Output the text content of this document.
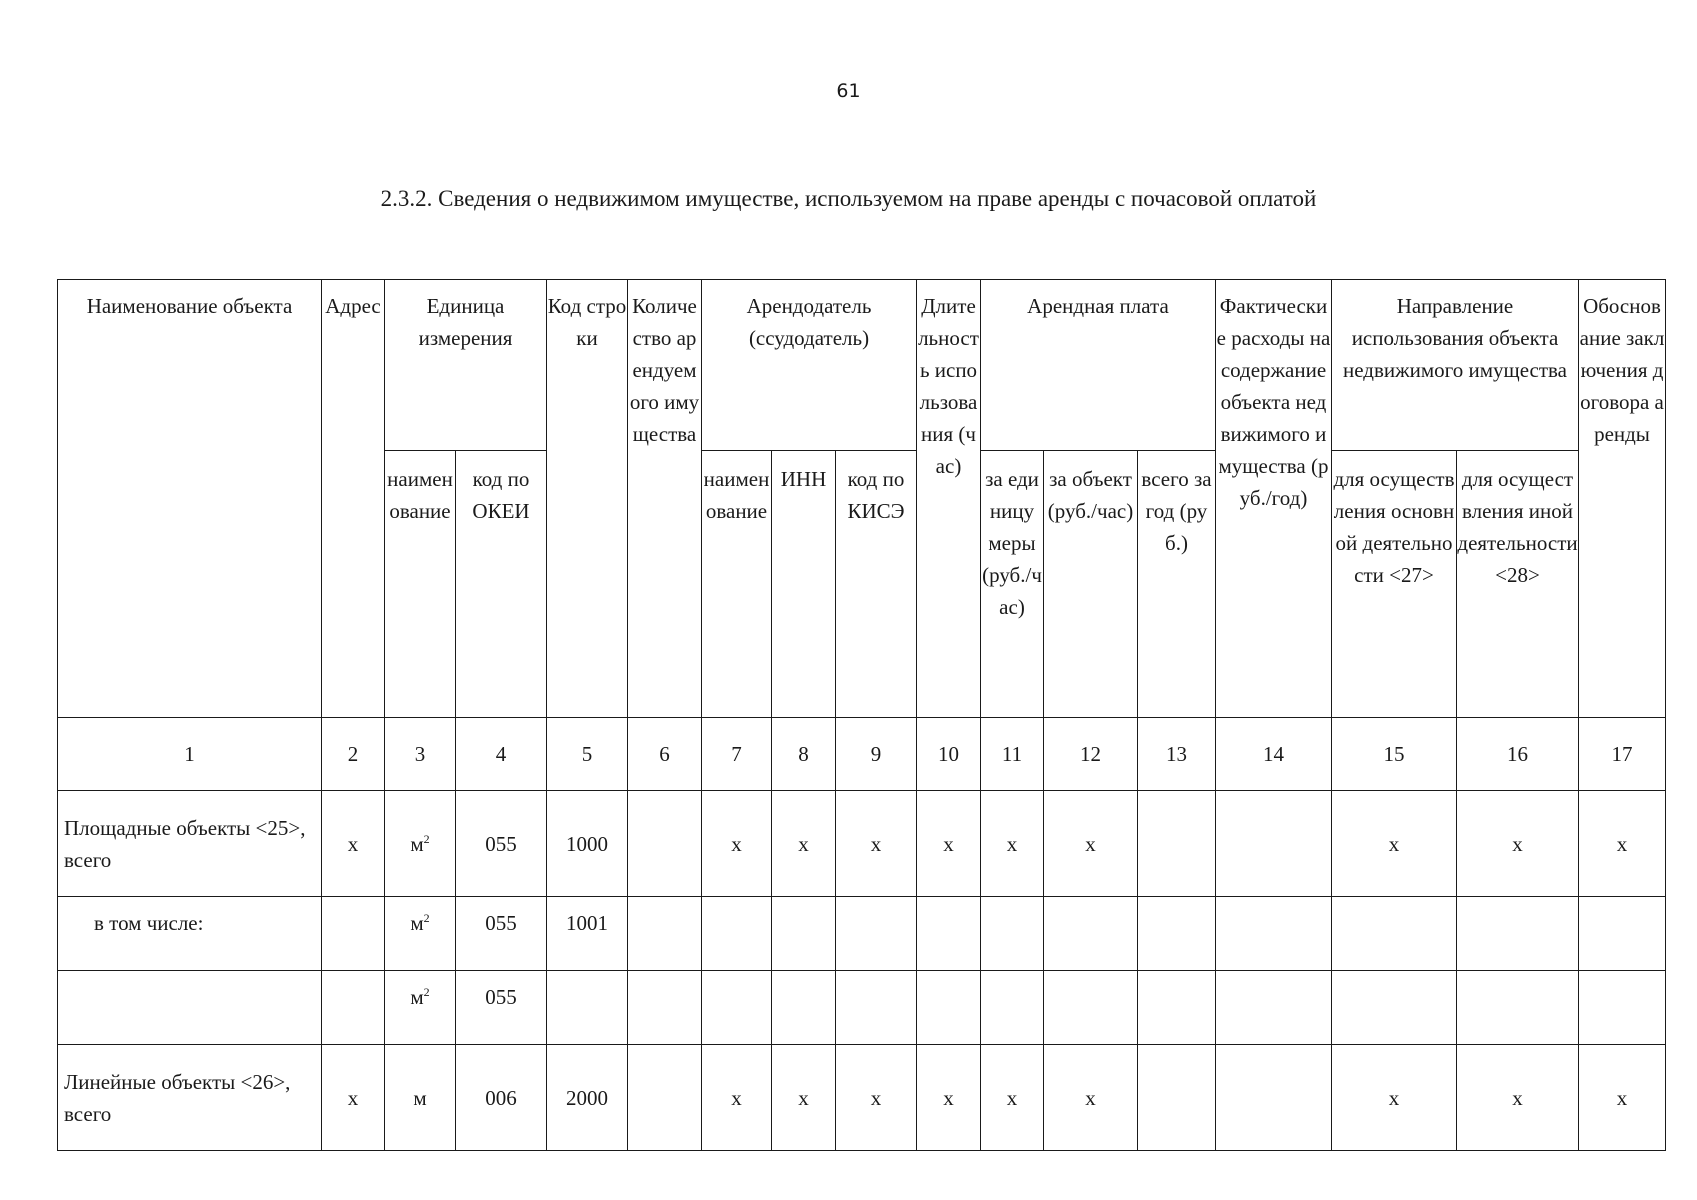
61
2.3.2. Сведения о недвижимом имуществе, используемом на праве аренды с почасовой оплатой
Наименование объекта	Адрес	Единица измерения		Код строки	Количество арендуемого имущества	Арендодатель (ссудодатель)			Длительность использования (час)	Арендная плата			Фактические расходы на содержание объекта недвижимого имущества (руб./год)	Направление использования объекта недвижимого имущества		Обоснование заключения договора аренды

		наименование	код по ОКЕИ			наименование	ИНН	код по КИСЭ		за единицу меры (руб./час)	за объект (руб./час)	всего за год (руб.)		для осуществления основной деятельности <27>	для осуществления иной деятельности <28>	

1	2	3	4	5	6	7	8	9	10	11	12	13	14	15	16	17
Площадные объекты <25>, всего	х	$м^2$	055	1000		х	х	х	х	х	х			х	х	х
в том числе:		$м^2$	055	1001												
		$м^2$	055													
Линейные объекты <26>, всего	х	м	006	2000		х	х	х	х	х	х			х	х	х
